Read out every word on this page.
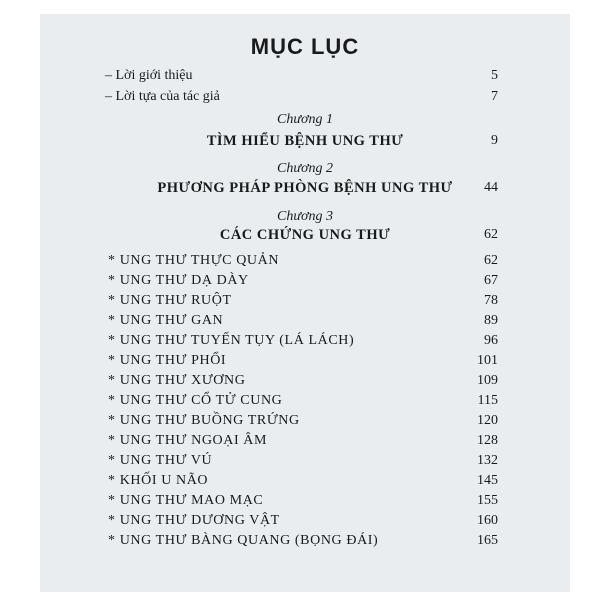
MỤC LỤC
– Lời giới thiệu	5
– Lời tựa của tác giả	7
Chương 1
TÌM HIỂU BỆNH UNG THƯ	9
Chương 2
PHƯƠNG PHÁP PHÒNG BỆNH UNG THƯ	44
Chương 3
CÁC CHỨNG UNG THƯ	62
* UNG THƯ THỰC QUẢN	62
* UNG THƯ DẠ DÀY	67
* UNG THƯ RUỘT	78
* UNG THƯ GAN	89
* UNG THƯ TUYẾN TỤY (LÁ LÁCH)	96
* UNG THƯ PHỔI	101
* UNG THƯ XƯƠNG	109
* UNG THƯ CỔ TỬ CUNG	115
* UNG THƯ BUỒNG TRỨNG	120
* UNG THƯ NGOẠI ÂM	128
* UNG THƯ VÚ	132
* KHỐI U NÃO	145
* UNG THƯ MAO MẠC	155
* UNG THƯ DƯƠNG VẬT	160
* UNG THƯ BÀNG QUANG (BỌNG ĐÁI)	165
